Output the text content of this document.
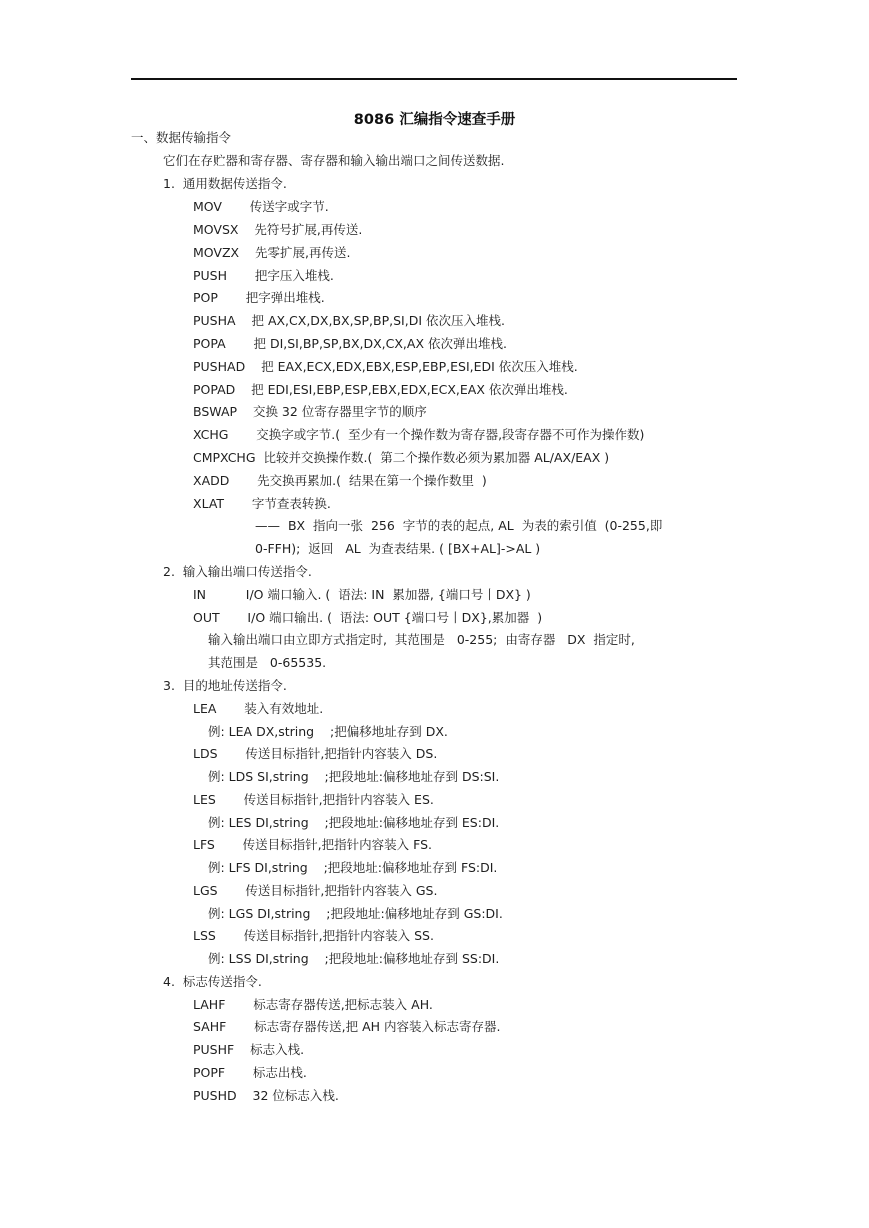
8086 汇编指令速查手册
一、数据传输指令
它们在存贮器和寄存器、寄存器和输入输出端口之间传送数据.
1.  通用数据传送指令.
MOV       传送字或字节.
MOVSX    先符号扩展,再传送.
MOVZX    先零扩展,再传送.
PUSH       把字压入堆栈.
POP       把字弹出堆栈.
PUSHA    把 AX,CX,DX,BX,SP,BP,SI,DI 依次压入堆栈.
POPA       把 DI,SI,BP,SP,BX,DX,CX,AX 依次弹出堆栈.
PUSHAD    把 EAX,ECX,EDX,EBX,ESP,EBP,ESI,EDI 依次压入堆栈.
POPAD    把 EDI,ESI,EBP,ESP,EBX,EDX,ECX,EAX 依次弹出堆栈.
BSWAP    交换 32 位寄存器里字节的顺序
XCHG       交换字或字节.(  至少有一个操作数为寄存器,段寄存器不可作为操作数)
CMPXCHG  比较并交换操作数.(  第二个操作数必须为累加器 AL/AX/EAX )
XADD       先交换再累加.(  结果在第一个操作数里  )
XLAT       字节查表转换.
——  BX  指向一张  256  字节的表的起点, AL  为表的索引值  (0-255,即
0-FFH);  返回   AL  为查表结果. ( [BX+AL]->AL )
2.  输入输出端口传送指令.
IN          I/O 端口输入. (  语法: IN  累加器, {端口号丨DX} )
OUT       I/O 端口输出. (  语法: OUT {端口号丨DX},累加器  )
输入输出端口由立即方式指定时,  其范围是   0-255;  由寄存器   DX  指定时,
其范围是   0-65535.
3.  目的地址传送指令.
LEA       装入有效地址.
例: LEA DX,string    ;把偏移地址存到 DX.
LDS       传送目标指针,把指针内容装入 DS.
例: LDS SI,string    ;把段地址:偏移地址存到 DS:SI.
LES       传送目标指针,把指针内容装入 ES.
例: LES DI,string    ;把段地址:偏移地址存到 ES:DI.
LFS       传送目标指针,把指针内容装入 FS.
例: LFS DI,string    ;把段地址:偏移地址存到 FS:DI.
LGS       传送目标指针,把指针内容装入 GS.
例: LGS DI,string    ;把段地址:偏移地址存到 GS:DI.
LSS       传送目标指针,把指针内容装入 SS.
例: LSS DI,string    ;把段地址:偏移地址存到 SS:DI.
4.  标志传送指令.
LAHF       标志寄存器传送,把标志装入 AH.
SAHF       标志寄存器传送,把 AH 内容装入标志寄存器.
PUSHF    标志入栈.
POPF       标志出栈.
PUSHD    32 位标志入栈.
